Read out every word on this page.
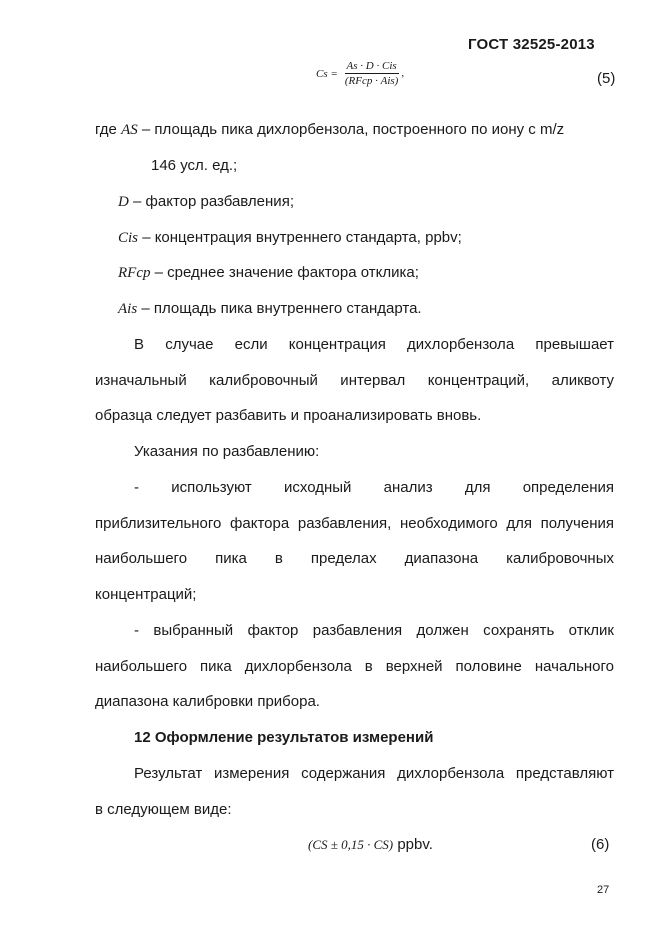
ГОСТ 32525-2013
$Cs = \frac{\text{As · D · Cis}}{\text{(RFср · Ais)}}$ ,	(5)
где AS – площадь пика дихлорбензола, построенного по иону с m/z
146 усл. ед.;
D – фактор разбавления;
Cis – концентрация внутреннего стандарта, ppbv;
RFср – среднее значение фактора отклика;
Ais – площадь пика внутреннего стандарта.
В случае если концентрация дихлорбензола превышает
изначальный калибровочный интервал концентраций, аликвоту
образца следует разбавить и проанализировать вновь.
Указания по разбавлению:
- используют исходный анализ для определения
приблизительного фактора разбавления, необходимого для получения
наибольшего пика в пределах диапазона калибровочных
концентраций;
- выбранный фактор разбавления должен сохранять отклик
наибольшего пика дихлорбензола в верхней половине начального
диапазона калибровки прибора.
12 Оформление результатов измерений
Результат измерения содержания дихлорбензола представляют
в следующем виде:
(CS ± 0,15 · CS) ppbv.	(6)
27
